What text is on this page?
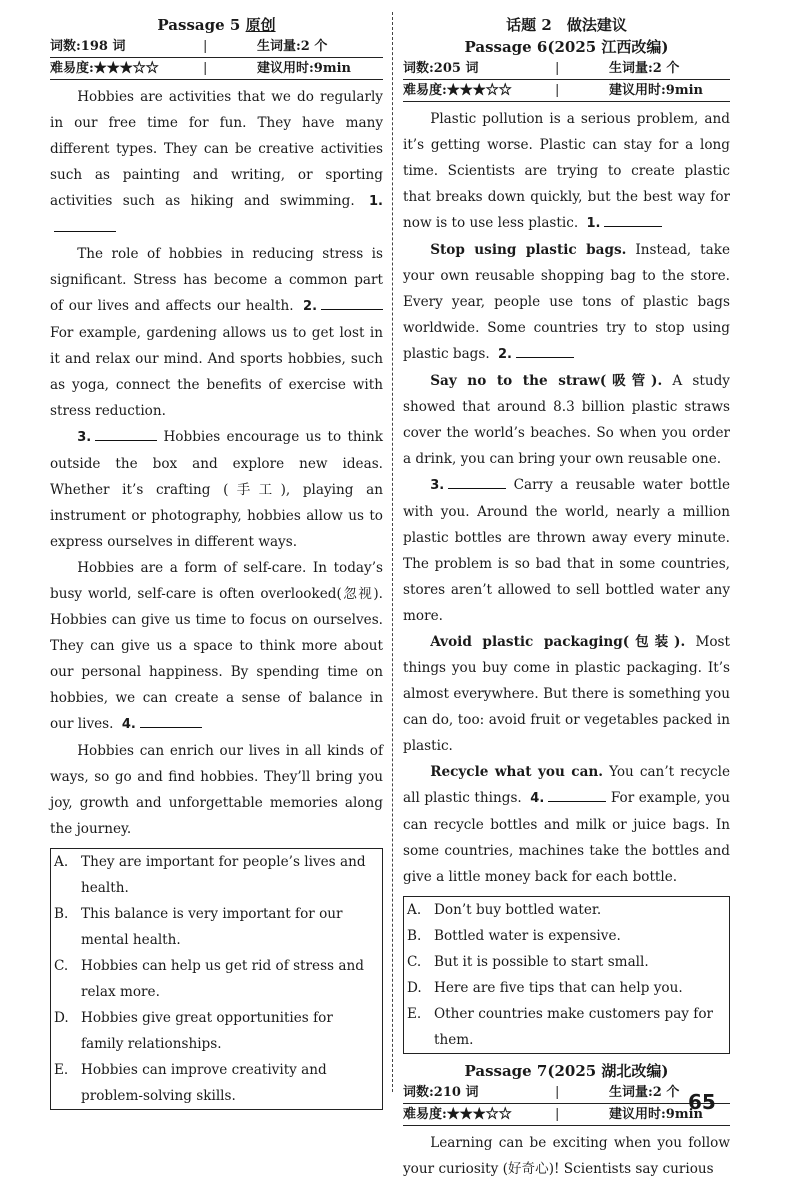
Passage 5 原创
词数:198 词	|	生词量:2 个
难易度:★★★☆☆	|	建议用时:9min

Hobbies are activities that we do regularly in our free time for fun. They have many different types. They can be creative activities such as painting and writing, or sporting activities such as hiking and swimming. 1.

The role of hobbies in reducing stress is significant. Stress has become a common part of our lives and affects our health. 2. For example, gardening allows us to get lost in it and relax our mind. And sports hobbies, such as yoga, connect the benefits of exercise with stress reduction.

3.	Hobbies encourage us to think outside the box and explore new ideas. Whether it’s crafting (手工), playing an instrument or photography, hobbies allow us to express ourselves in different ways.

Hobbies are a form of self-care. In today’s busy world, self-care is often overlooked(忽视). Hobbies can give us time to focus on ourselves. They can give us a space to think more about our personal happiness. By spending time on hobbies, we can create a sense of balance in our lives. 4.

Hobbies can enrich our lives in all kinds of ways, so go and find hobbies. They’ll bring you joy, growth and unforgettable memories along the journey.

A. They are important for people’s lives and health.
B. This balance is very important for our mental health.
C. Hobbies can help us get rid of stress and relax more.
D. Hobbies give great opportunities for family relationships.
E. Hobbies can improve creativity and problem-solving skills.
话题 2　做法建议
Passage 6(2025 江西改编)
词数:205 词	|	生词量:2 个
难易度:★★★☆☆	|	建议用时:9min

Plastic pollution is a serious problem, and it’s getting worse. Plastic can stay for a long time. Scientists are trying to create plastic that breaks down quickly, but the best way for now is to use less plastic. 1.

Stop using plastic bags. Instead, take your own reusable shopping bag to the store. Every year, people use tons of plastic bags worldwide. Some countries try to stop using plastic bags. 2.

Say no to the straw(吸管). A study showed that around 8.3 billion plastic straws cover the world’s beaches. So when you order a drink, you can bring your own reusable one.

3.	Carry a reusable water bottle with you. Around the world, nearly a million plastic bottles are thrown away every minute. The problem is so bad that in some countries, stores aren’t allowed to sell bottled water any more.

Avoid plastic packaging(包装). Most things you buy come in plastic packaging. It’s almost everywhere. But there is something you can do, too: avoid fruit or vegetables packed in plastic.

Recycle what you can. You can’t recycle all plastic things. 4.	For example, you can recycle bottles and milk or juice bags. In some countries, machines take the bottles and give a little money back for each bottle.

A. Don’t buy bottled water.
B. Bottled water is expensive.
C. But it is possible to start small.
D. Here are five tips that can help you.
E. Other countries make customers pay for them.
Passage 7(2025 湖北改编)
词数:210 词	|	生词量:2 个
难易度:★★★☆☆	|	建议用时:9min

Learning can be exciting when you follow your curiosity (好奇心)! Scientists say curious

65
